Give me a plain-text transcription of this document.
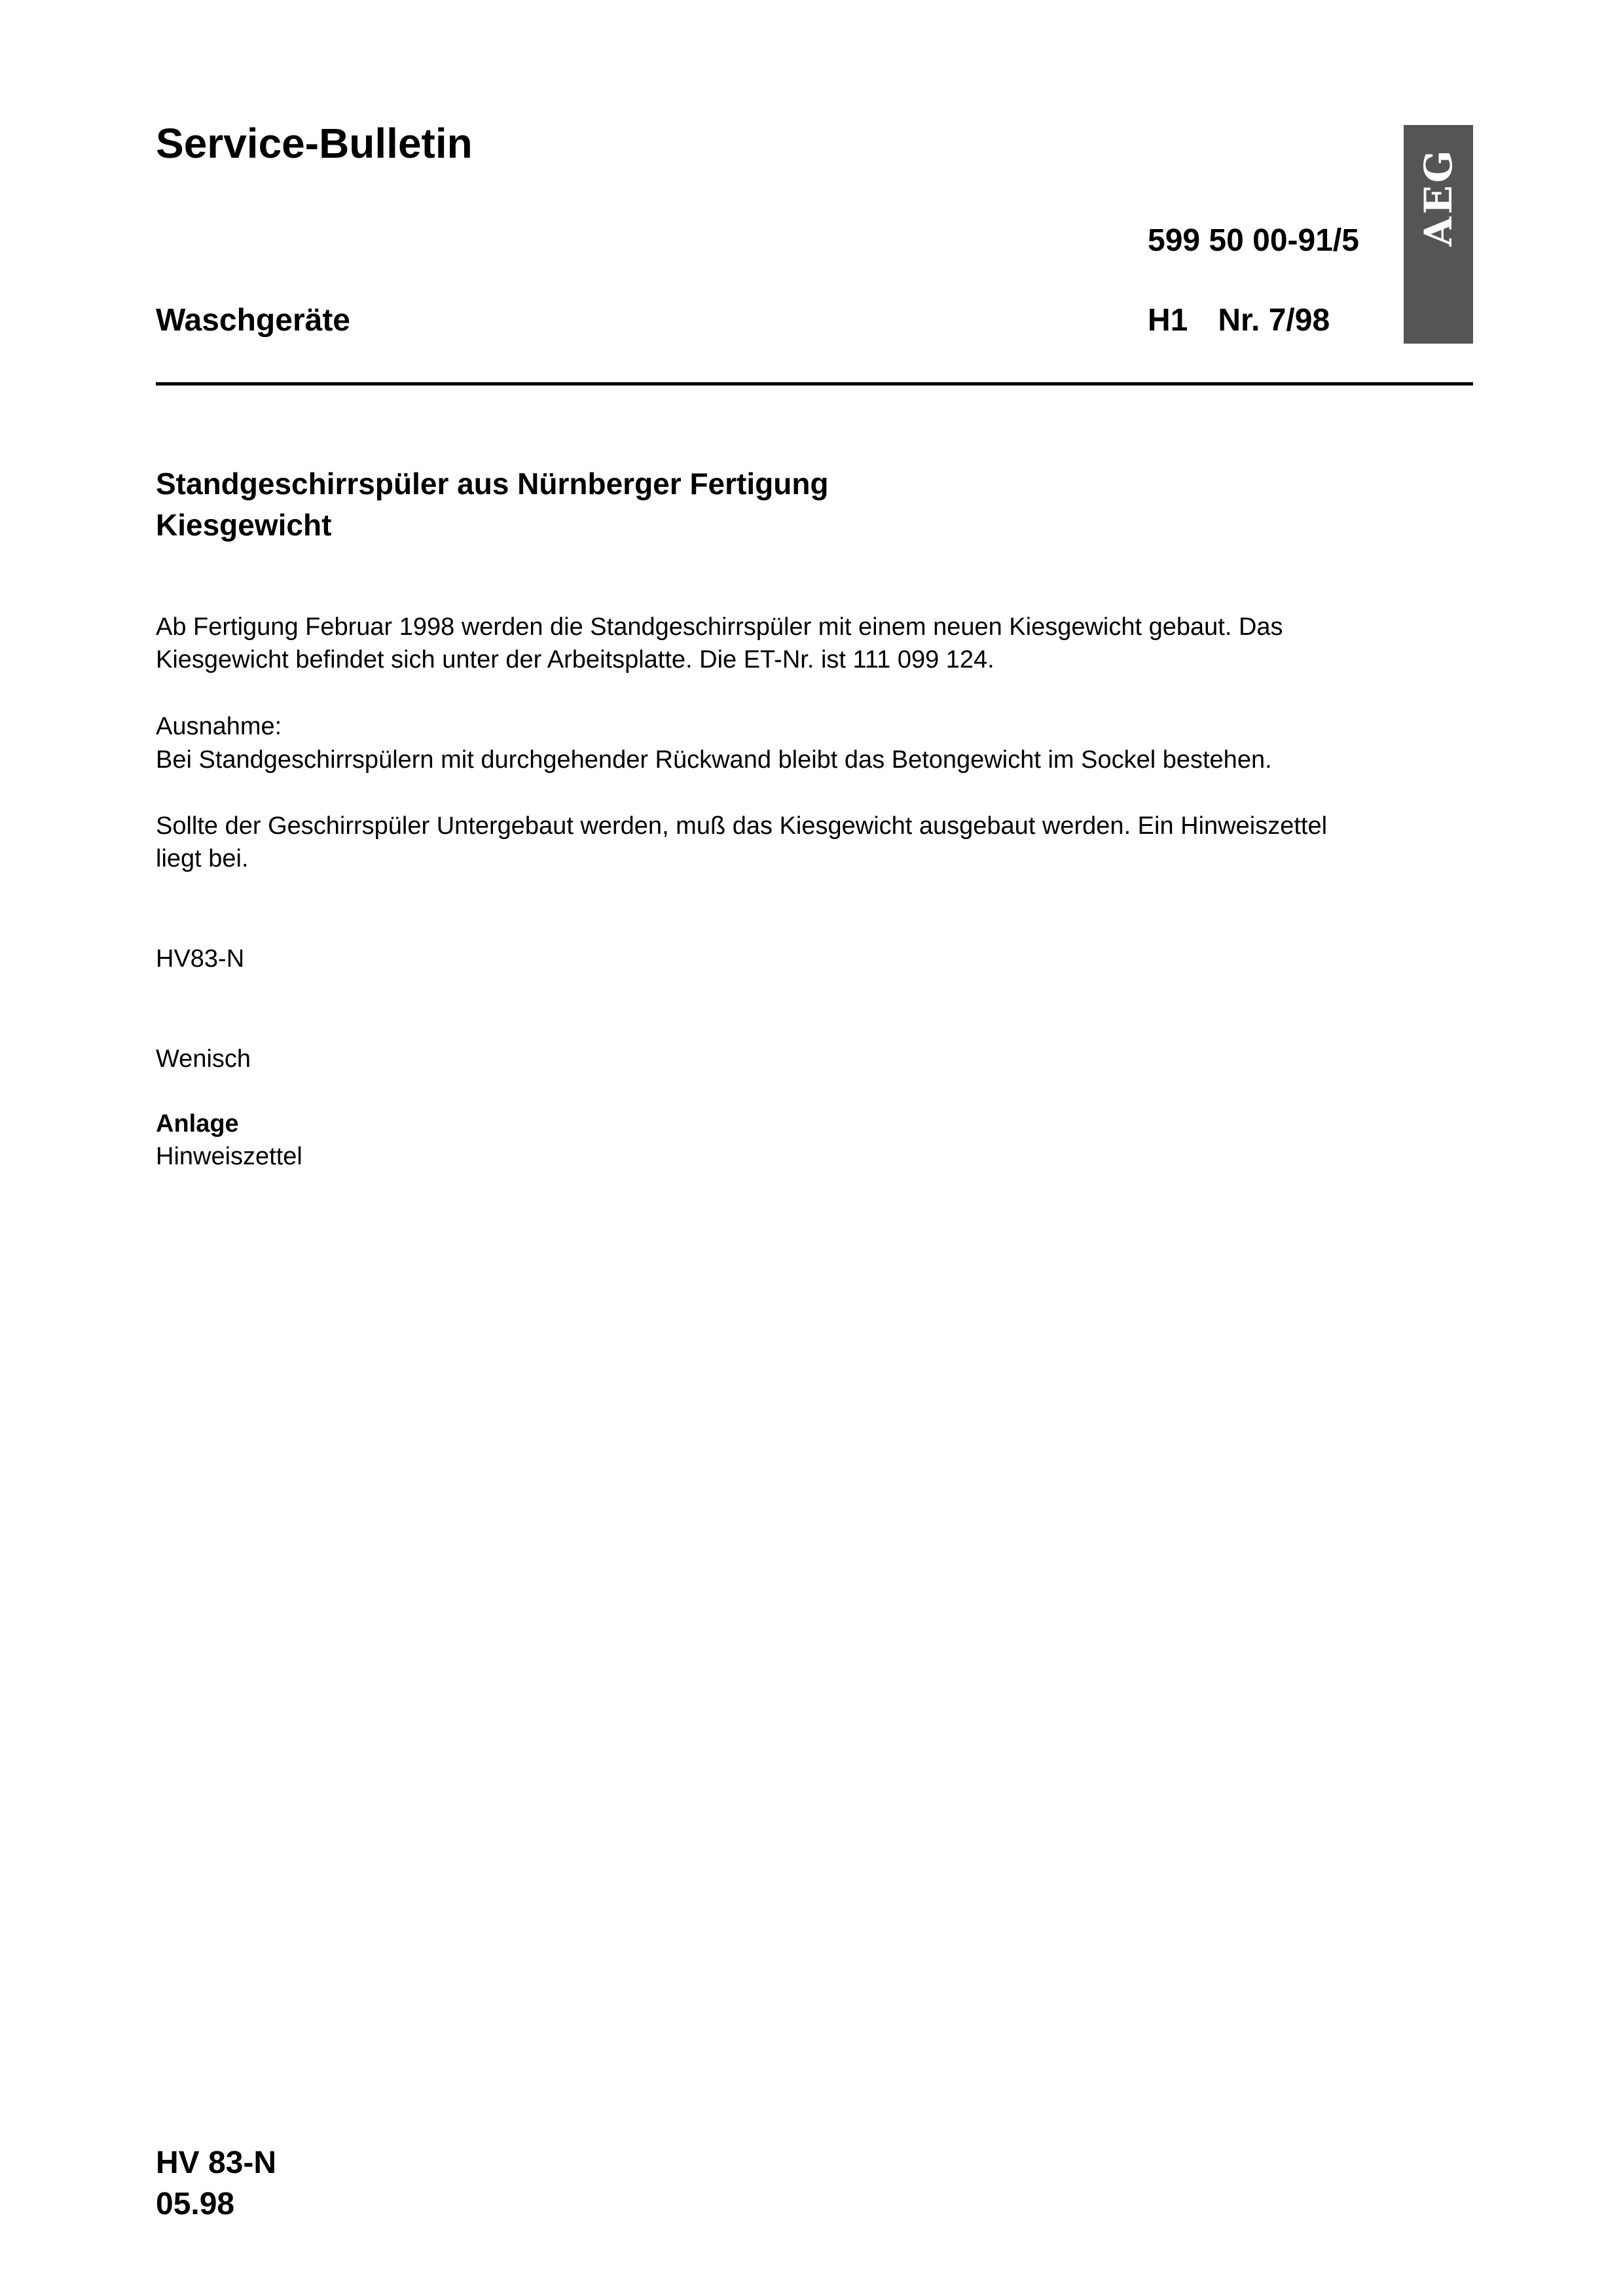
Service-Bulletin
AEG
599 50 00-91/5
Waschgeräte	H1 Nr. 7/98
Standgeschirrspüler aus Nürnberger Fertigung
Kiesgewicht
Ab Fertigung Februar 1998 werden die Standgeschirrspüler mit einem neuen Kiesgewicht gebaut. Das
Kiesgewicht befindet sich unter der Arbeitsplatte. Die ET-Nr. ist 111 099 124.
Ausnahme:
Bei Standgeschirrspülern mit durchgehender Rückwand bleibt das Betongewicht im Sockel bestehen.
Sollte der Geschirrspüler Untergebaut werden, muß das Kiesgewicht ausgebaut werden. Ein Hinweiszettel
liegt bei.
HV83-N
Wenisch
Anlage
Hinweiszettel
HV 83-N
05.98
